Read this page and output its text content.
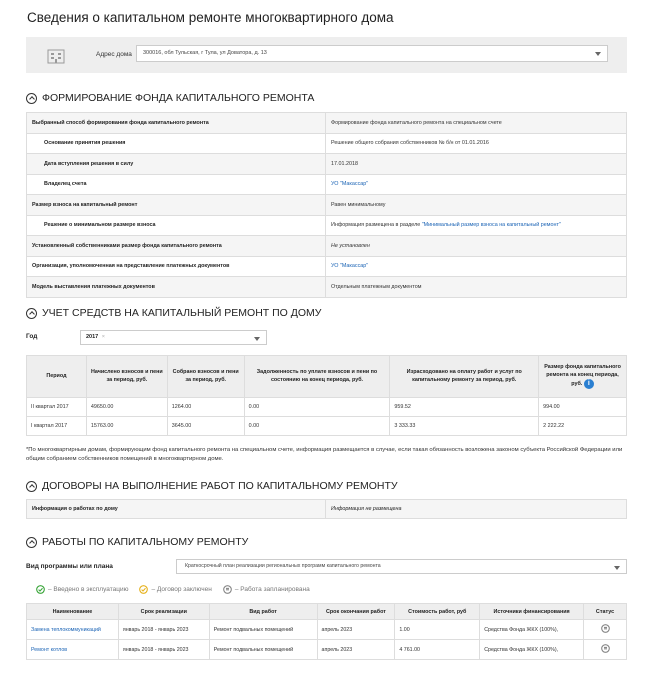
Сведения о капитальном ремонте многоквартирного дома
Адрес дома	300016, обл Тульская, г Тула, ул Доватора, д. 13
ФОРМИРОВАНИЕ ФОНДА КАПИТАЛЬНОГО РЕМОНТА
Выбранный способ формирования фонда капитального ремонта	Формирование фонда капитального ремонта на специальном счете
Основание принятия решения	Решение общего собрания собственников № б/н от 01.01.2016
Дата вступления решения в силу	17.01.2018
Владелец счета	УО "Макассар"
Размер взноса на капитальный ремонт	Равен минимальному
Решение о минимальном размере взноса	Информация размещена в разделе "Минимальный размер взноса на капитальный ремонт"
Установленный собственниками размер фонда капитального ремонта	Не установлен
Организация, уполномоченная на представление платежных документов	УО "Макассар"
Модель выставления платежных документов	Отдельным платежным документом
УЧЕТ СРЕДСТВ НА КАПИТАЛЬНЫЙ РЕМОНТ ПО ДОМУ
Год	2017 ×
Период	Начислено взносов и пени за период, руб.	Собрано взносов и пени за период, руб.	Задолженность по уплате взносов и пени по состоянию на конец периода, руб.	Израсходовано на оплату работ и услуг по капитальному ремонту за период, руб.	Размер фонда капитального ремонта на конец периода, руб. i
II квартал 2017	49650.00	1264.00	0.00	959.52	994.00
I квартал 2017	15763.00	3645.00	0.00	3 333.33	2 222.22
*По многоквартирным домам, формирующим фонд капитального ремонта на специальном счете, информация размещается в случае, если такая обязанность возложена законом субъекта Российской Федерации или общим собранием собственников помещений в многоквартирном доме.
ДОГОВОРЫ НА ВЫПОЛНЕНИЕ РАБОТ ПО КАПИТАЛЬНОМУ РЕМОНТУ
Информация о работах по дому	Информация не размещена
РАБОТЫ ПО КАПИТАЛЬНОМУ РЕМОНТУ
Вид программы или плана	Краткосрочный план реализации региональных программ капитального ремонта
– Введено в эксплуатацию	– Договор заключен	– Работа запланирована
Наименование	Срок реализации	Вид работ	Срок окончания работ	Стоимость работ, руб	Источники финансирования	Статус
Замена теплокоммуникаций	январь 2018 - январь 2023	Ремонт подвальных помещений	апрель 2023	1.00	Средства Фонда ЖКХ (100%),	
Ремонт котлов	январь 2018 - январь 2023	Ремонт подвальных помещений	апрель 2023	4 761.00	Средства Фонда ЖКХ (100%),	
